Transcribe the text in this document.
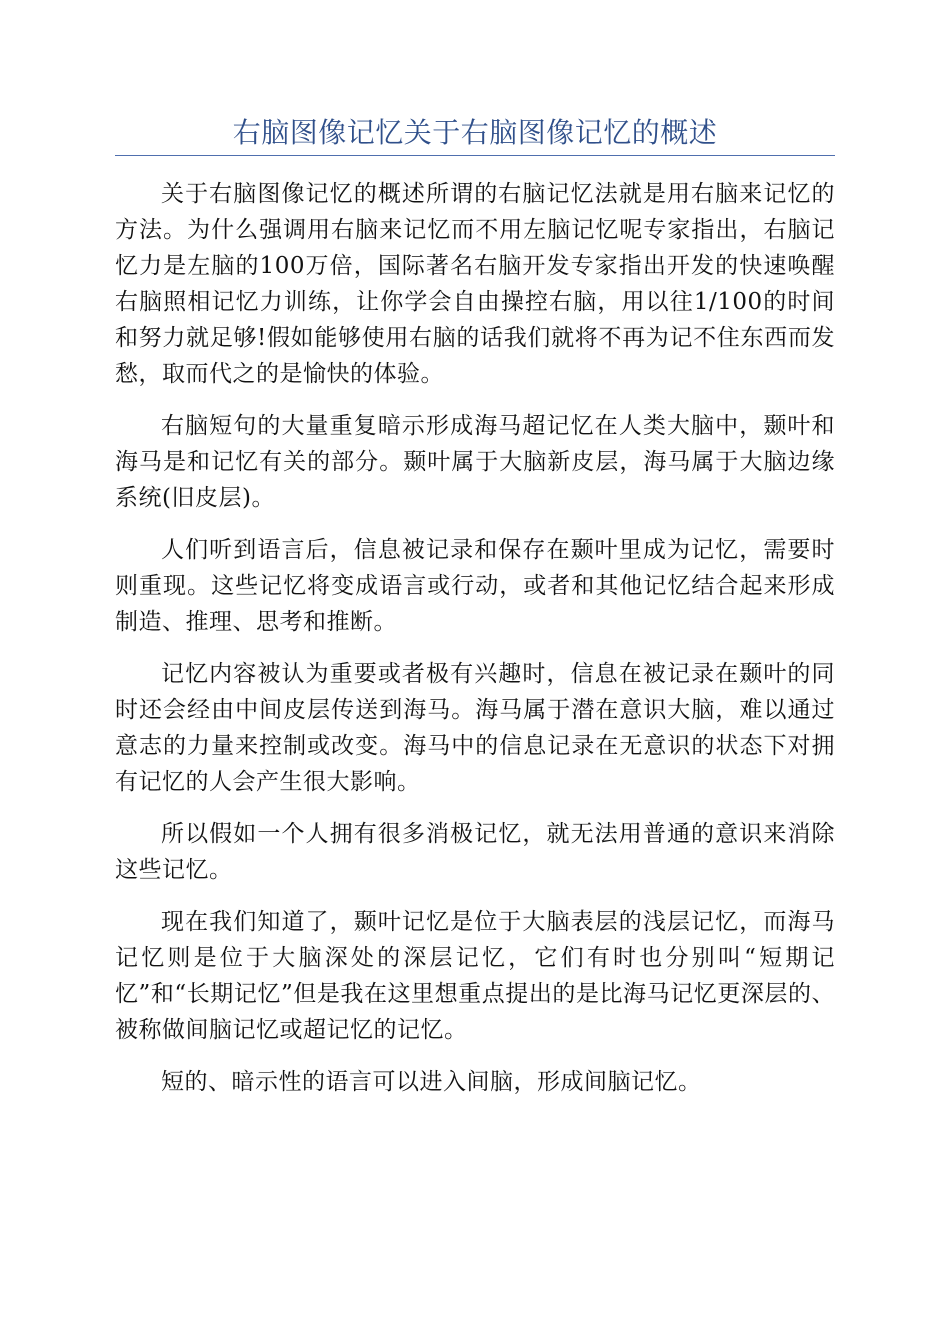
右脑图像记忆关于右脑图像记忆的概述

关于右脑图像记忆的概述所谓的右脑记忆法就是用右脑来记忆的方法。为什么强调用右脑来记忆而不用左脑记忆呢专家指出，右脑记忆力是左脑的100万倍，国际著名右脑开发专家指出开发的快速唤醒右脑照相记忆力训练，让你学会自由操控右脑，用以往1/100的时间和努力就足够!假如能够使用右脑的话我们就将不再为记不住东西而发愁，取而代之的是愉快的体验。

右脑短句的大量重复暗示形成海马超记忆在人类大脑中，颞叶和海马是和记忆有关的部分。颞叶属于大脑新皮层，海马属于大脑边缘系统(旧皮层)。

人们听到语言后，信息被记录和保存在颞叶里成为记忆，需要时则重现。这些记忆将变成语言或行动，或者和其他记忆结合起来形成制造、推理、思考和推断。

记忆内容被认为重要或者极有兴趣时，信息在被记录在颞叶的同时还会经由中间皮层传送到海马。海马属于潜在意识大脑，难以通过意志的力量来控制或改变。海马中的信息记录在无意识的状态下对拥有记忆的人会产生很大影响。

所以假如一个人拥有很多消极记忆，就无法用普通的意识来消除这些记忆。

现在我们知道了，颞叶记忆是位于大脑表层的浅层记忆，而海马记忆则是位于大脑深处的深层记忆，它们有时也分别叫“短期记忆”和“长期记忆”但是我在这里想重点提出的是比海马记忆更深层的、被称做间脑记忆或超记忆的记忆。

短的、暗示性的语言可以进入间脑，形成间脑记忆。
